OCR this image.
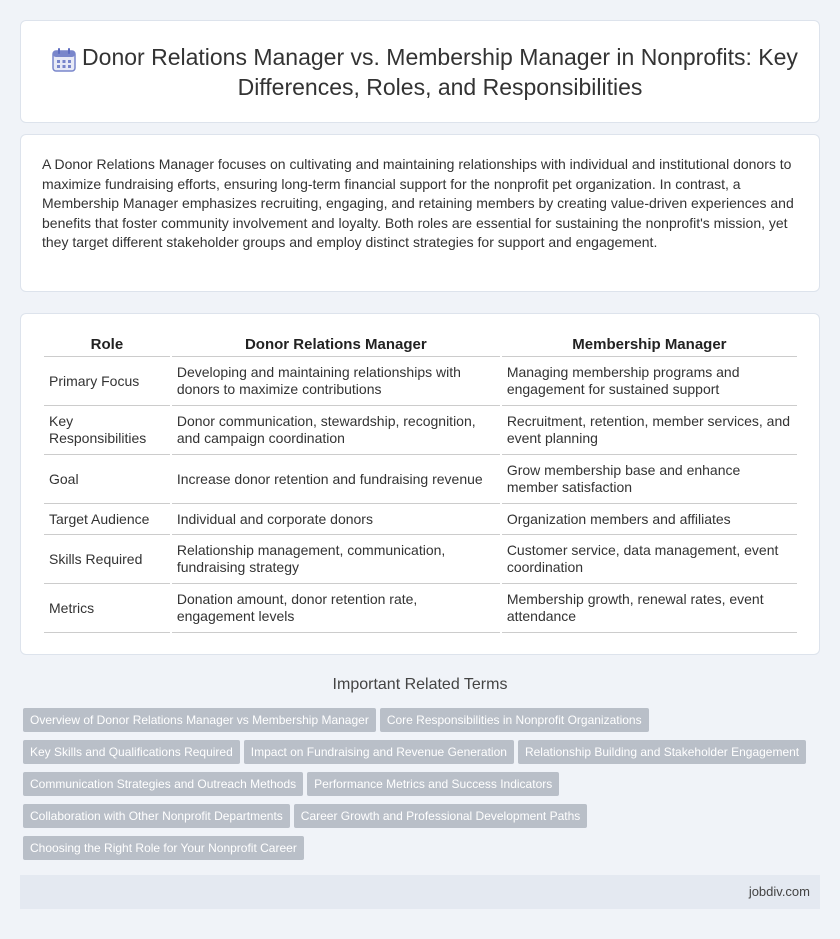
Donor Relations Manager vs. Membership Manager in Nonprofits: Key Differences, Roles, and Responsibilities

A Donor Relations Manager focuses on cultivating and maintaining relationships with individual and institutional donors to maximize fundraising efforts, ensuring long-term financial support for the nonprofit pet organization. In contrast, a Membership Manager emphasizes recruiting, engaging, and retaining members by creating value-driven experiences and benefits that foster community involvement and loyalty. Both roles are essential for sustaining the nonprofit's mission, yet they target different stakeholder groups and employ distinct strategies for support and engagement.

Role	Donor Relations Manager	Membership Manager
Primary Focus	Developing and maintaining relationships with donors to maximize contributions	Managing membership programs and engagement for sustained support
Key Responsibilities	Donor communication, stewardship, recognition, and campaign coordination	Recruitment, retention, member services, and event planning
Goal	Increase donor retention and fundraising revenue	Grow membership base and enhance member satisfaction
Target Audience	Individual and corporate donors	Organization members and affiliates
Skills Required	Relationship management, communication, fundraising strategy	Customer service, data management, event coordination
Metrics	Donation amount, donor retention rate, engagement levels	Membership growth, renewal rates, event attendance
Important Related Terms
Overview of Donor Relations Manager vs Membership Manager Core Responsibilities in Nonprofit Organizations
Key Skills and Qualifications Required Impact on Fundraising and Revenue Generation Relationship Building and Stakeholder Engagement
Communication Strategies and Outreach Methods Performance Metrics and Success Indicators
Collaboration with Other Nonprofit Departments Career Growth and Professional Development Paths
Choosing the Right Role for Your Nonprofit Career
jobdiv.com
